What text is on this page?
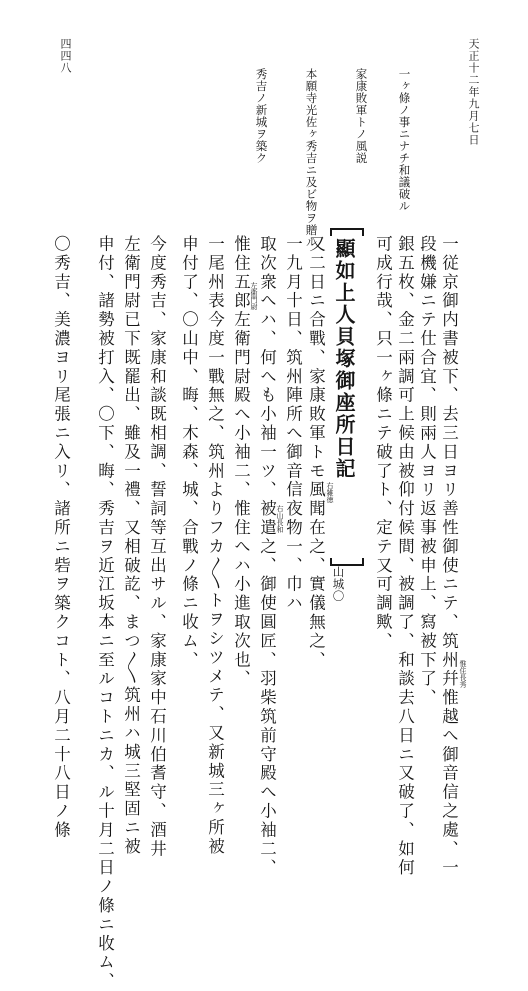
天正十二年九月七日
四四八
一ヶ條ノ事ニナチ和議破ル
家康敗軍トノ風説
本願寺光佐ヶ秀吉ニ及ビ物ヲ贈ル
秀吉ノ新城ヲ築ク
一従京御内書被下、去三日ヨリ善性御使ニテ、筑州幷惟越へ御音信之處、一
段機嫌ニテ仕合宜、則兩人ヨリ返事被申上、寫被下了、
銀五枚、金二兩調可上候由被仰付候間、被調了、和談去八日ニ又破了、如何
可成行哉、只一ヶ條ニテ破了ト、定テ又可調歟、
顯如上人貝塚御座所日記
山城〇
又二日ニ合戰、家康敗軍トモ風聞在之、實儀無之、
一九月十日、筑州陣所へ御音信夜物一、巾ハ
取次衆へハ、何へも小袖一ツ、被遣之、御使圓匠、羽柴筑前守殿へ小袖二、
惟住五郎左衛門尉殿へ小袖二、惟住へハ小進取次也、
一尾州表今度一戰無之、筑州よりフカ〳〵トヲシツメテ、又新城三ヶ所被
申付了、〇山中、晦、木森、城、合戰ノ條ニ收ム、
惟住長秀
右雑徳
右山長和
左衞門尉
今度秀吉、家康和談既相調、誓詞等互出サル、家康家中石川伯耆守、酒井
左衛門尉已下既罷出、雖及一禮、又相破訖、まつ〳〵筑州ハ城三堅固ニ被
申付、諸勢被打入、〇下、晦、秀吉ヲ近江坂本ニ至ルコトニカ、ル十月二日ノ條ニ收ム、
〇秀吉、美濃ヨリ尾張ニ入リ、諸所ニ砦ヲ築クコト、八月二十八日ノ條
